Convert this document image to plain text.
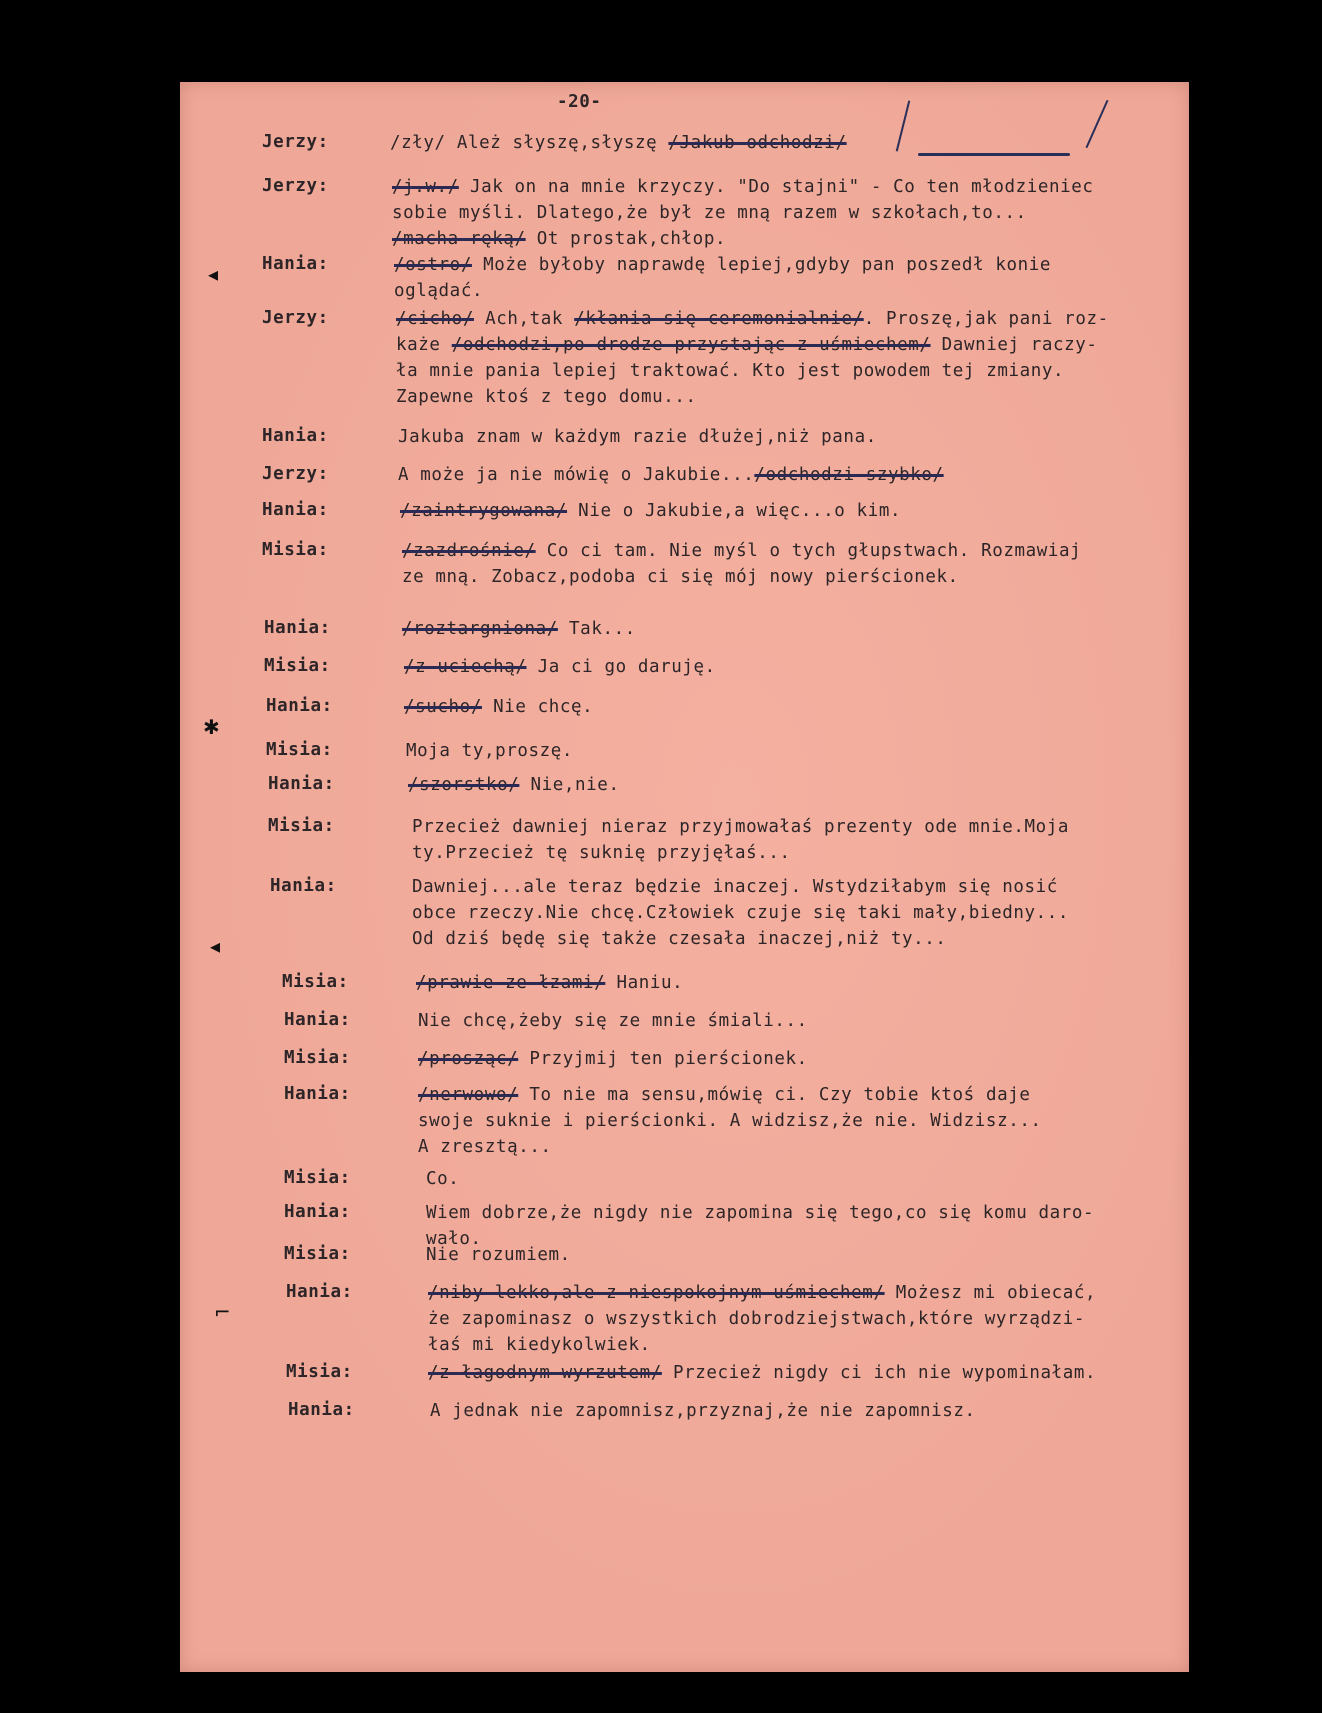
-20-
Jerzy:	/zły/ Ależ słyszę,słyszę /Jakub odchodzi/
Jerzy:	/j.w./ Jak on na mnie krzyczy. "Do stajni" - Co ten młodzieniec
sobie myśli. Dlatego,że był ze mną razem w szkołach,to...
/macha ręką/ Ot prostak,chłop.
Hania:	/ostro/ Może byłoby naprawdę lepiej,gdyby pan poszedł konie
oglądać.
Jerzy:	/cicho/ Ach,tak /kłania się ceremonialnie/. Proszę,jak pani roz-
każe /odchodzi,po drodze przystając z uśmiechem/ Dawniej raczy-
ła mnie pania lepiej traktować. Kto jest powodem tej zmiany.
Zapewne ktoś z tego domu...
Hania:	Jakuba znam w każdym razie dłużej,niż pana.
Jerzy:	A może ja nie mówię o Jakubie.../odchodzi szybko/
Hania:	/zaintrygowana/ Nie o Jakubie,a więc...o kim.
Misia:	/zazdrośnie/ Co ci tam. Nie myśl o tych głupstwach. Rozmawiaj
ze mną. Zobacz,podoba ci się mój nowy pierścionek.
Hania:	/roztargniona/ Tak...
Misia:	/z uciechą/ Ja ci go daruję.
Hania:	/sucho/ Nie chcę.
Misia:	Moja ty,proszę.
Hania:	/szorstko/ Nie,nie.
Misia:	Przecież dawniej nieraz przyjmowałaś prezenty ode mnie.Moja
ty.Przecież tę suknię przyjęłaś...
Hania:	Dawniej...ale teraz będzie inaczej. Wstydziłabym się nosić
obce rzeczy.Nie chcę.Człowiek czuje się taki mały,biedny...
Od dziś będę się także czesała inaczej,niż ty...
Misia:	/prawie ze łzami/ Haniu.
Hania:	Nie chcę,żeby się ze mnie śmiali...
Misia:	/prosząc/ Przyjmij ten pierścionek.
Hania:	/nerwowo/ To nie ma sensu,mówię ci. Czy tobie ktoś daje
swoje suknie i pierścionki. A widzisz,że nie. Widzisz...
A zresztą...
Misia:	Co.
Hania:	Wiem dobrze,że nigdy nie zapomina się tego,co się komu daro-
wało.
Misia:	Nie rozumiem.
Hania:	/niby lekko,ale z niespokojnym uśmiechem/ Możesz mi obiecać,
że zapominasz o wszystkich dobrodziejstwach,które wyrządzi-
łaś mi kiedykolwiek.
Misia:	/z łagodnym wyrzutem/ Przecież nigdy ci ich nie wypominałam.
Hania:	A jednak nie zapomnisz,przyznaj,że nie zapomnisz.
◂
✱
◂
⌐
